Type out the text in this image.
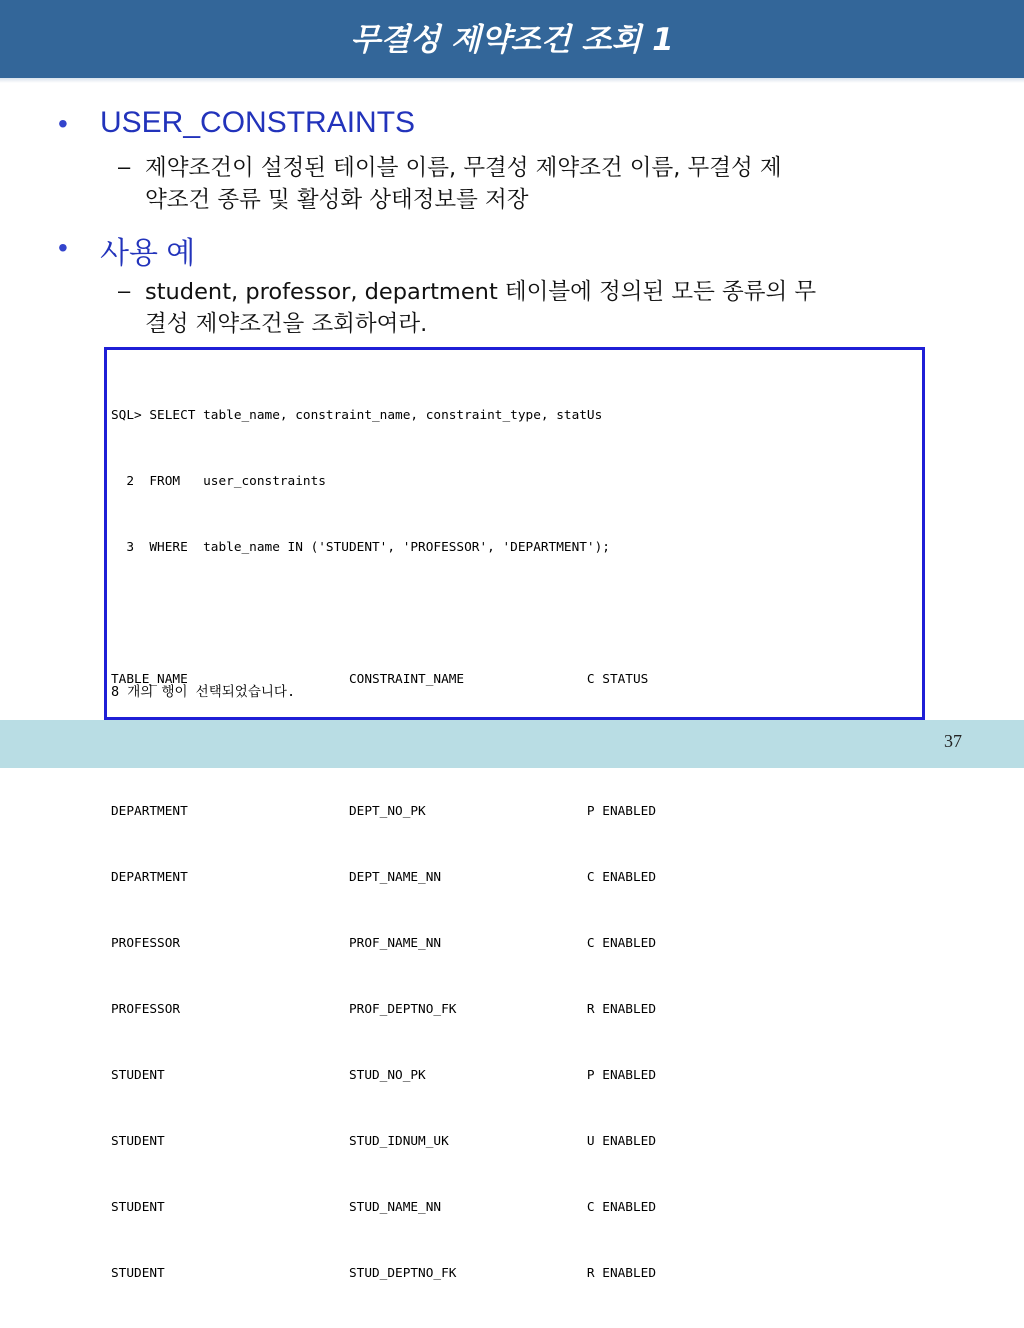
무결성 제약조건 조회 1
• USER_CONSTRAINTS
– 제약조건이 설정된 테이블 이름, 무결성 제약조건 이름, 무결성 제
약조건 종류 및 활성화 상태정보를 저장
• 사용 예
– student, professor, department 테이블에 정의된 모든 종류의 무
결성 제약조건을 조회하여라.

SQL> SELECT table_name, constraint_name, constraint_type, statUs

2  FROM   user_constraints

3  WHERE  table_name IN ('STUDENT', 'PROFESSOR', 'DEPARTMENT');

TABLE_NAME                     CONSTRAINT_NAME                C STATUS

DEPARTMENT                     DEPT_NO_PK                     P ENABLED

DEPARTMENT                     DEPT_NAME_NN                   C ENABLED

PROFESSOR                      PROF_NAME_NN                   C ENABLED

PROFESSOR                      PROF_DEPTNO_FK                 R ENABLED

STUDENT                        STUD_NO_PK                     P ENABLED

STUDENT                        STUD_IDNUM_UK                  U ENABLED

STUDENT                        STUD_NAME_NN                   C ENABLED

STUDENT                        STUD_DEPTNO_FK                 R ENABLED

8 개의 행이 선택되었습니다.
37
